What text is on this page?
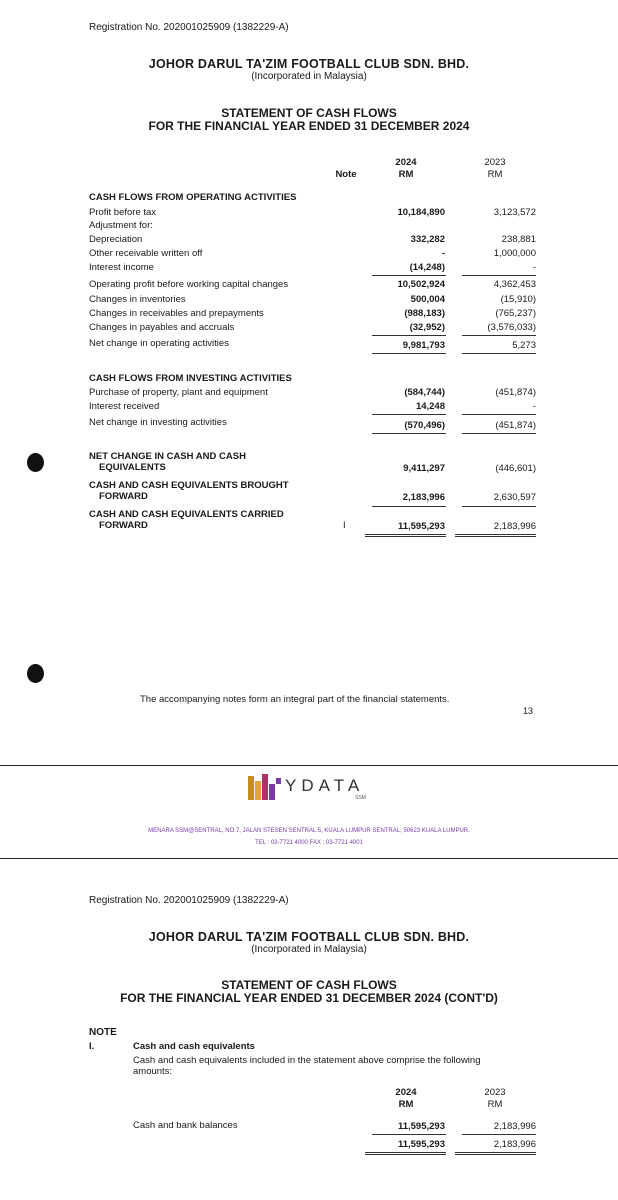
Registration No. 202001025909 (1382229-A)
JOHOR DARUL TA'ZIM FOOTBALL CLUB SDN. BHD.
(Incorporated in Malaysia)
STATEMENT OF CASH FLOWS
FOR THE FINANCIAL YEAR ENDED 31 DECEMBER 2024
Note
2024
RM
2023
RM
CASH FLOWS FROM OPERATING ACTIVITIES
Profit before tax	10,184,890	3,123,572
Adjustment for:
Depreciation	332,282	238,881
Other receivable written off	-	1,000,000
Interest income	(14,248)	-
Operating profit before working capital changes	10,502,924	4,362,453
Changes in inventories	500,004	(15,910)
Changes in receivables and prepayments	(988,183)	(765,237)
Changes in payables and accruals	(32,952)	(3,576,033)
Net change in operating activities	9,981,793	5,273
CASH FLOWS FROM INVESTING ACTIVITIES
Purchase of property, plant and equipment	(584,744)	(451,874)
Interest received	14,248	-
Net change in investing activities	(570,496)	(451,874)
NET CHANGE IN CASH AND CASH
EQUIVALENTS	9,411,297	(446,601)
CASH AND CASH EQUIVALENTS BROUGHT
FORWARD	2,183,996	2,630,597
CASH AND CASH EQUIVALENTS CARRIED
FORWARD	I	11,595,293	2,183,996
The accompanying notes form an integral part of the financial statements.
13
YDATA
SSM
MENARA SSM@SENTRAL, NO.7, JALAN STESEN SENTRAL 5, KUALA LUMPUR SENTRAL, 50623 KUALA LUMPUR.
TEL : 03-7721 4000 FAX : 03-7721 4001
Registration No. 202001025909 (1382229-A)
JOHOR DARUL TA'ZIM FOOTBALL CLUB SDN. BHD.
(Incorporated in Malaysia)
STATEMENT OF CASH FLOWS
FOR THE FINANCIAL YEAR ENDED 31 DECEMBER 2024 (CONT'D)
NOTE
I.	Cash and cash equivalents
Cash and cash equivalents included in the statement above comprise the following
amounts:
2024
RM
2023
RM
Cash and bank balances	11,595,293	2,183,996
11,595,293	2,183,996
